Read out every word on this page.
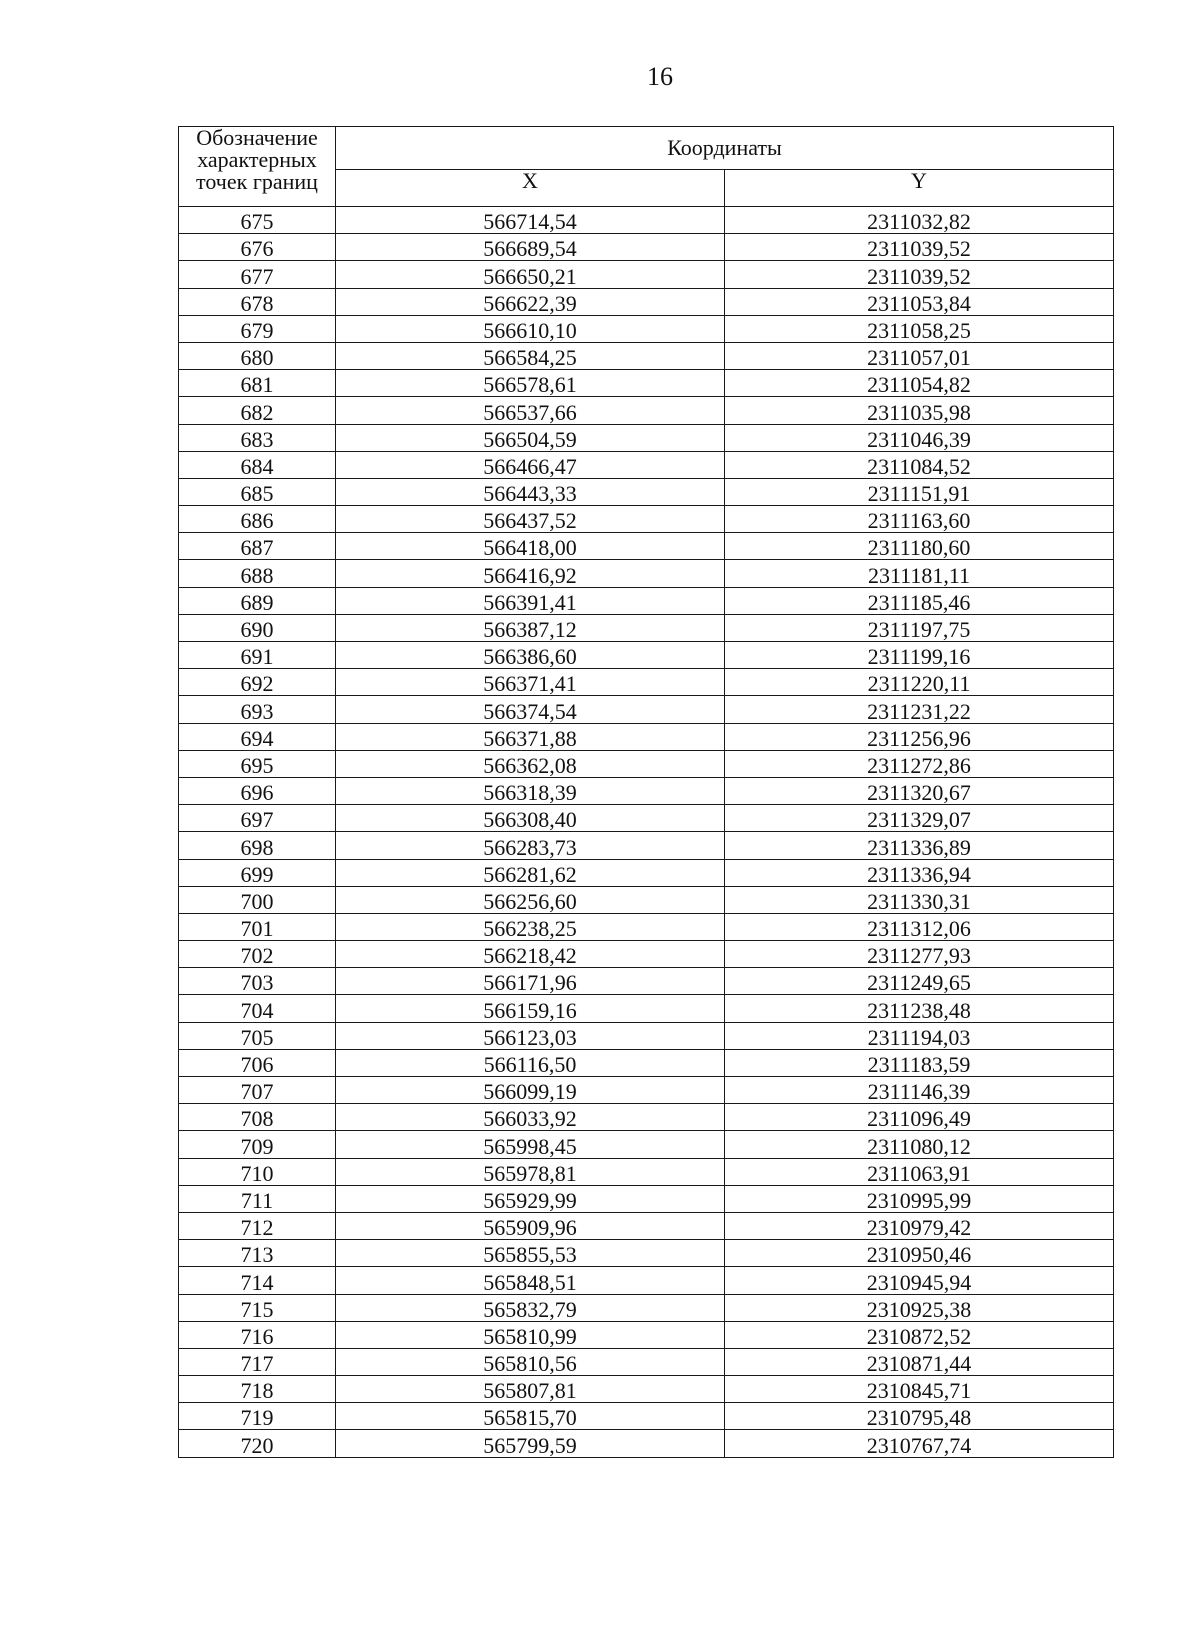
16
Обозначение характерных точек границ	Координаты	
	X	Y
675	566714,54	2311032,82
676	566689,54	2311039,52
677	566650,21	2311039,52
678	566622,39	2311053,84
679	566610,10	2311058,25
680	566584,25	2311057,01
681	566578,61	2311054,82
682	566537,66	2311035,98
683	566504,59	2311046,39
684	566466,47	2311084,52
685	566443,33	2311151,91
686	566437,52	2311163,60
687	566418,00	2311180,60
688	566416,92	2311181,11
689	566391,41	2311185,46
690	566387,12	2311197,75
691	566386,60	2311199,16
692	566371,41	2311220,11
693	566374,54	2311231,22
694	566371,88	2311256,96
695	566362,08	2311272,86
696	566318,39	2311320,67
697	566308,40	2311329,07
698	566283,73	2311336,89
699	566281,62	2311336,94
700	566256,60	2311330,31
701	566238,25	2311312,06
702	566218,42	2311277,93
703	566171,96	2311249,65
704	566159,16	2311238,48
705	566123,03	2311194,03
706	566116,50	2311183,59
707	566099,19	2311146,39
708	566033,92	2311096,49
709	565998,45	2311080,12
710	565978,81	2311063,91
711	565929,99	2310995,99
712	565909,96	2310979,42
713	565855,53	2310950,46
714	565848,51	2310945,94
715	565832,79	2310925,38
716	565810,99	2310872,52
717	565810,56	2310871,44
718	565807,81	2310845,71
719	565815,70	2310795,48
720	565799,59	2310767,74
